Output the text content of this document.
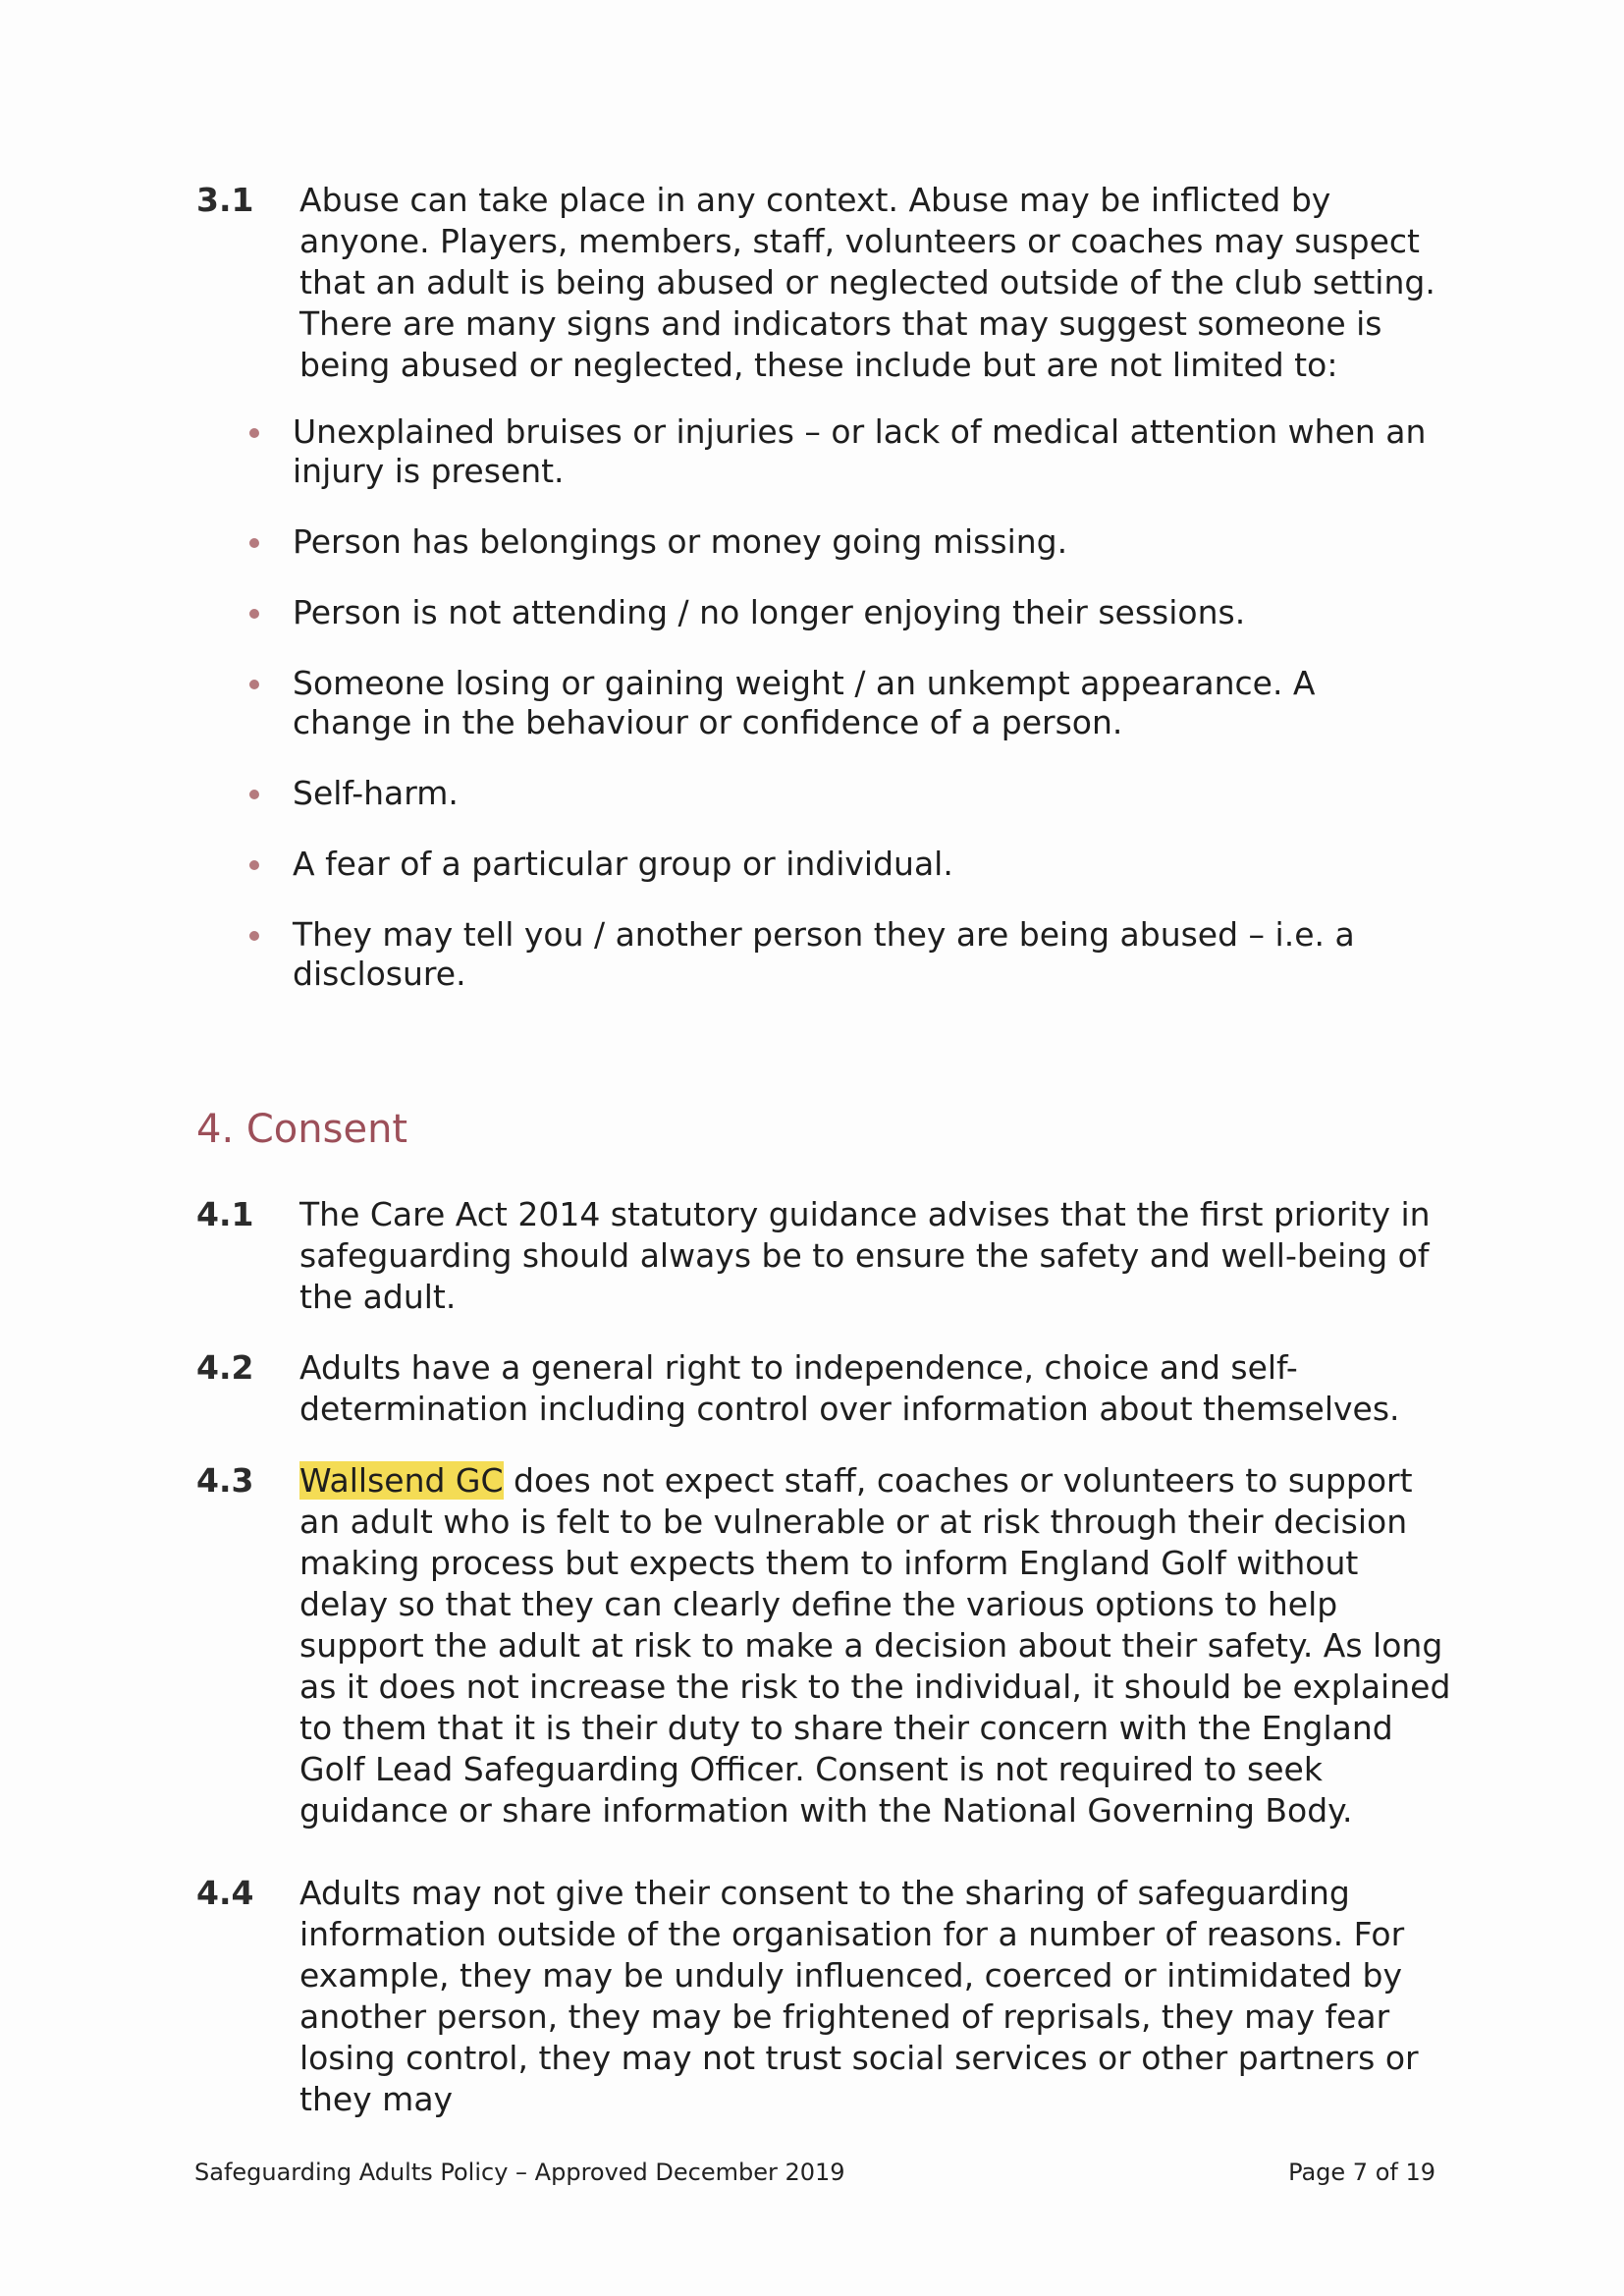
3.1 Abuse can take place in any context. Abuse may be inflicted by anyone. Players, members, staff, volunteers or coaches may suspect that an adult is being abused or neglected outside of the club setting. There are many signs and indicators that may suggest someone is being abused or neglected, these include but are not limited to:
Unexplained bruises or injuries – or lack of medical attention when an injury is present.
Person has belongings or money going missing.
Person is not attending / no longer enjoying their sessions.
Someone losing or gaining weight / an unkempt appearance. A change in the behaviour or confidence of a person.
Self-harm.
A fear of a particular group or individual.
They may tell you / another person they are being abused – i.e. a disclosure.
4. Consent
4.1 The Care Act 2014 statutory guidance advises that the first priority in safeguarding should always be to ensure the safety and well-being of the adult.
4.2 Adults have a general right to independence, choice and self-determination including control over information about themselves.
4.3 Wallsend GC does not expect staff, coaches or volunteers to support an adult who is felt to be vulnerable or at risk through their decision making process but expects them to inform England Golf without delay so that they can clearly define the various options to help support the adult at risk to make a decision about their safety. As long as it does not increase the risk to the individual, it should be explained to them that it is their duty to share their concern with the England Golf Lead Safeguarding Officer. Consent is not required to seek guidance or share information with the National Governing Body.
4.4 Adults may not give their consent to the sharing of safeguarding information outside of the organisation for a number of reasons. For example, they may be unduly influenced, coerced or intimidated by another person, they may be frightened of reprisals, they may fear losing control, they may not trust social services or other partners or they may
Safeguarding Adults Policy – Approved December 2019	Page 7 of 19
